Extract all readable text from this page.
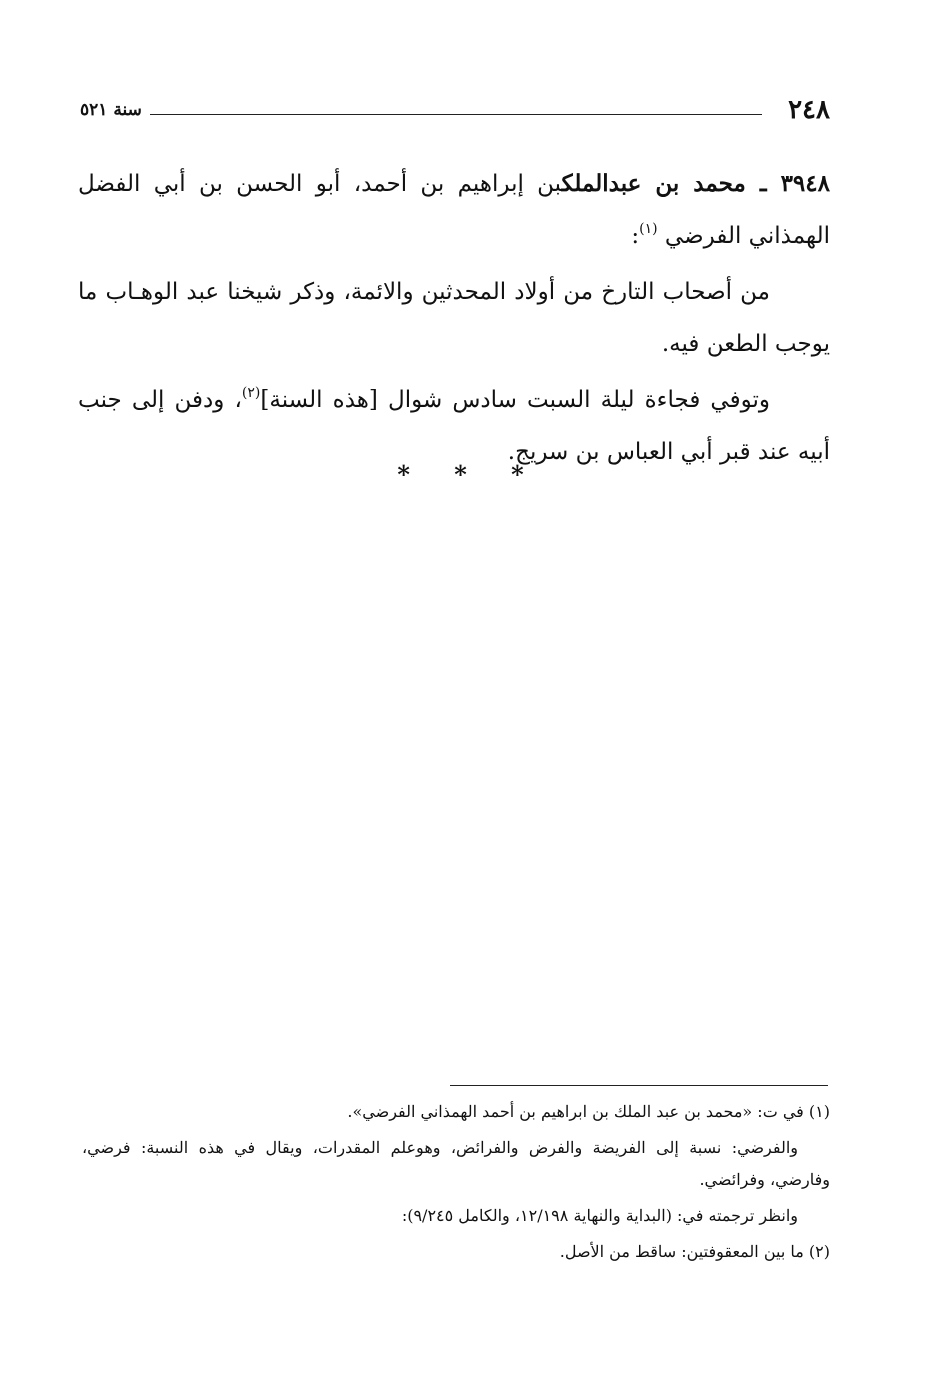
٢٤٨
سنة ٥٢١

٣٩٤٨ ـ محمد بن عبدالملكبن إبراهيم بن أحمد، أبو الحسن بن أبي الفضل الهمذاني الفرضي $^{(١)}$:

من أصحاب التارخ من أولاد المحدثين والائمة، وذكر شيخنا عبد الوهـاب ما يوجب الطعن فيه.

وتوفي فجاءة ليلة السبت سادس شوال [هذه السنة]$^{(٢)}$، ودفن إلى جنب أبيه عند قبر أبي العباس بن سريج.

* * *

(١) في ت: «محمد بن عبد الملك بن ابراهيم بن أحمد الهمذاني الفرضي».

والفرضي: نسبة إلى الفريضة والفرض والفرائض، وهوعلم المقدرات، ويقال في هذه النسبة: فرضي، وفارضي، وفرائضي.

وانظر ترجمته في: (البداية والنهاية ١٢/١٩٨، والكامل ٩/٢٤٥):

(٢) ما بين المعقوفتين: ساقط من الأصل.
